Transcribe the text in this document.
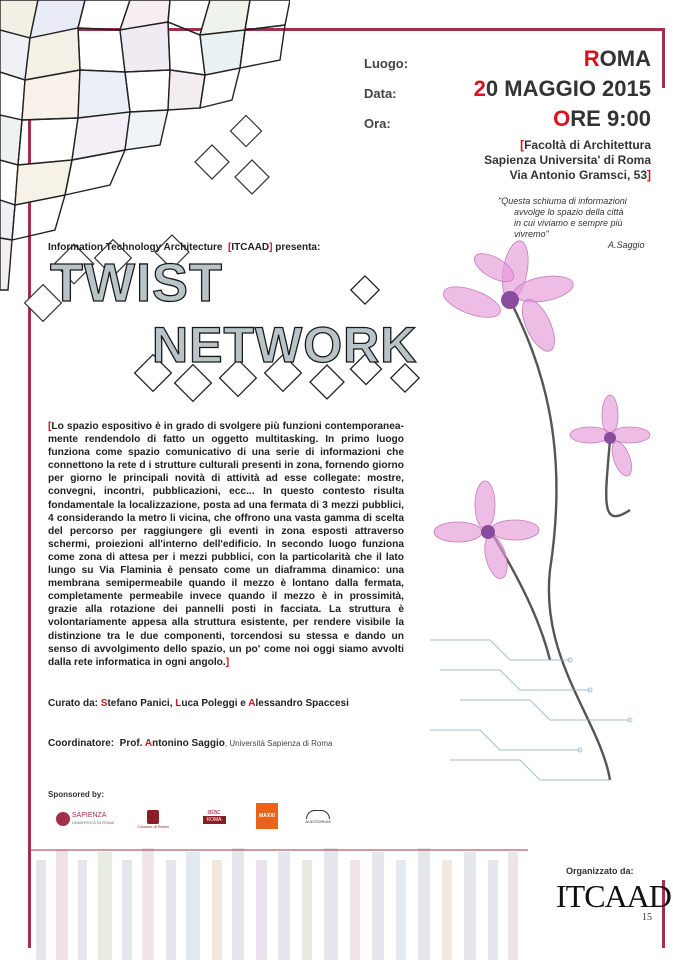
Luogo:
Data:
Ora:
ROMA
20 MAGGIO 2015
ORE 9:00
[Facoltà di Architettura
Sapienza Universita' di Roma
Via Antonio Gramsci, 53]
"Questa schiuma di informazioni
avvolge lo spazio della città
in cui viviamo e sempre più
vivremo"
A.Saggio
Information Technology Architecture [ITCAAD] presenta:
TWIST
NETWORK
[Lo spazio espositivo è in grado di svolgere più funzioni contemporanea-mente rendendolo di fatto un oggetto multitasking. In primo luogo funziona come spazio comunicativo di una serie di informazioni che connettono la rete d i strutture culturali presenti in zona, fornendo giorno per giorno le principali novità di attività ad esse collegate: mostre, convegni, incontri, pubblicazioni, ecc... In questo contesto risulta fondamentale la localizzazione, posta ad una fermata di 3 mezzi pubblici, 4 considerando la metro li vicina, che offrono una vasta gamma di scelta del percorso per raggiungere gli eventi in zona esposti attraverso schermi, proiezioni all'interno dell'edificio. In secondo luogo funziona come zona di attesa per i mezzi pubblici, con la particolarità che il lato lungo su Via Flaminia è pensato come un diaframma dinamico: una membrana semipermeabile quando il mezzo è lontano dalla fermata, completamente permeabile invece quando il mezzo è in prossimità, grazie alla rotazione dei pannelli posti in facciata. La struttura è volontariamente appesa alla struttura esistente, per rendere visibile la distinzione tra le due componenti, torcendosi su stessa e dando un senso di avvolgimento dello spazio, un po' come noi oggi siamo avvolti dalla rete informatica in ogni angolo.]
Curato da: Stefano Panici, Luca Poleggi e Alessandro Spaccesi
Coordinatore: Prof. Antonino Saggio, Università Sapienza di Roma
Sponsored by:
SAPIENZA
UNIVERSITÀ DI ROMA
Comune di Roma
atac
ROMA
MAXXI
AUDITORIUM
Organizzato da:
ITCAAD
15
